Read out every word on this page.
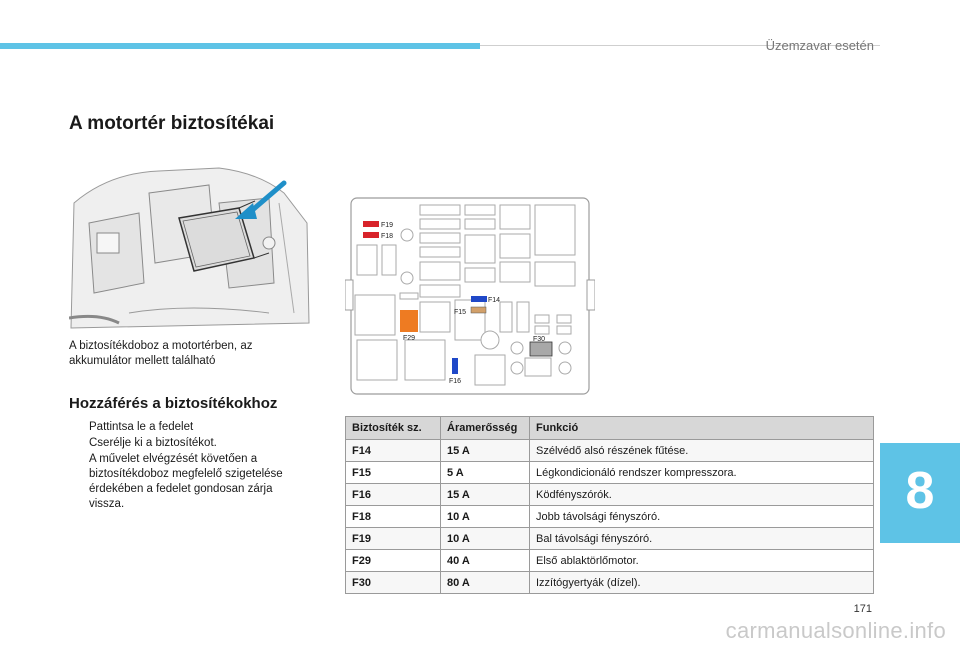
Üzemzavar esetén
A motortér biztosítékai

A biztosítékdoboz a motortérben, az akkumulátor mellett található

Hozzáférés a biztosítékokhoz
Pattintsa le a fedelet
Cserélje ki a biztosítékot.
A művelet elvégzését követően a biztosítékdoboz megfelelő szigetelése érdekében a fedelet gondosan zárja vissza.
F19
F18
F14
F15
F29	F30
F16
Biztosíték sz.	Áramerősség	Funkció
F14	15 A	Szélvédő alsó részének fűtése.
F15	5 A	Légkondicionáló rendszer kompresszora.
F16	15 A	Ködfényszórók.
F18	10 A	Jobb távolsági fényszóró.
F19	10 A	Bal távolsági fényszóró.
F29	40 A	Első ablaktörlőmotor.
F30	80 A	Izzítógyertyák (dízel).
8
171
carmanualsonline.info
